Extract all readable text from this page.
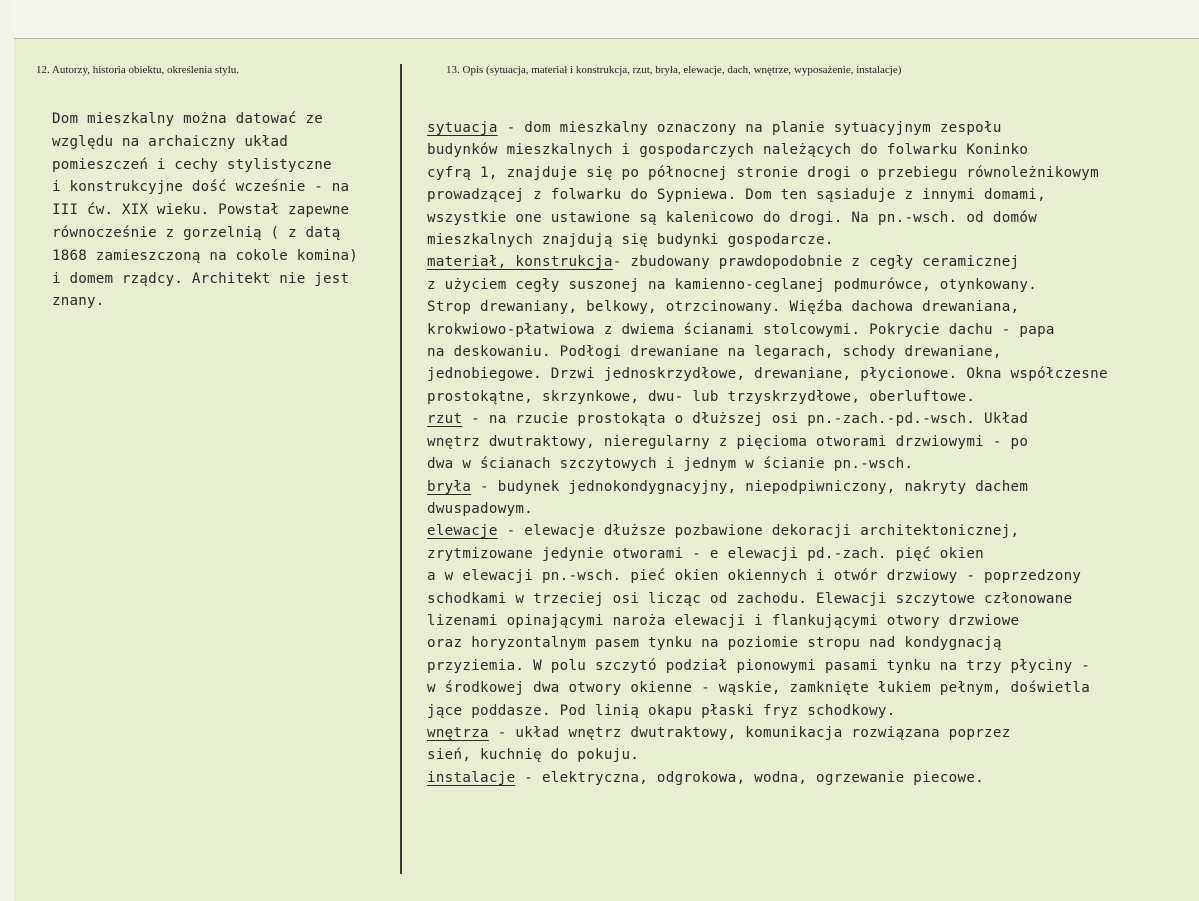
12. Autorzy, historia obiektu, określenia stylu.	13. Opis (sytuacja, materiał i konstrukcja, rzut, bryła, elewacje, dach, wnętrze, wyposażenie, instalacje)
Dom mieszkalny można datować ze
względu na archaiczny układ
pomieszczeń i cechy stylistyczne
i konstrukcyjne dość wcześnie - na
III ćw. XIX wieku. Powstał zapewne
równocześnie z gorzelnią ( z datą
1868 zamieszczoną na cokole komina)
i domem rządcy. Architekt nie jest
znany.
sytuacja - dom mieszkalny oznaczony na planie sytuacyjnym zespołu
budynków mieszkalnych i gospodarczych należących do folwarku Koninko
cyfrą 1, znajduje się po północnej stronie drogi o przebiegu równoleżnikowym
prowadzącej z folwarku do Sypniewa. Dom ten sąsiaduje z innymi domami,
wszystkie one ustawione są kalenicowo do drogi. Na pn.-wsch. od domów
mieszkalnych znajdują się budynki gospodarcze.
materiał, konstrukcja- zbudowany prawdopodobnie z cegły ceramicznej
z użyciem cegły suszonej na kamienno-ceglanej podmurówce, otynkowany.
Strop drewaniany, belkowy, otrzcinowany. Więźba dachowa drewaniana,
krokwiowo-płatwiowa z dwiema ścianami stolcowymi. Pokrycie dachu - papa
na deskowaniu. Podłogi drewaniane na legarach, schody drewaniane,
jednobiegowe. Drzwi jednoskrzydłowe, drewaniane, płycionowe. Okna współczesne
prostokątne, skrzynkowe, dwu- lub trzyskrzydłowe, oberluftowe.
rzut - na rzucie prostokąta o dłuższej osi pn.-zach.-pd.-wsch. Układ
wnętrz dwutraktowy, nieregularny z pięcioma otworami drzwiowymi - po
dwa w ścianach szczytowych i jednym w ścianie pn.-wsch.
bryła - budynek jednokondygnacyjny, niepodpiwniczony, nakryty dachem
dwuspadowym.
elewacje - elewacje dłuższe pozbawione dekoracji architektonicznej,
zrytmizowane jedynie otworami - e elewacji pd.-zach. pięć okien
a w elewacji pn.-wsch. pieć okien okiennych i otwór drzwiowy - poprzedzony
schodkami w trzeciej osi licząc od zachodu. Elewacji szczytowe członowane
lizenami opinającymi naroża elewacji i flankującymi otwory drzwiowe
oraz horyzontalnym pasem tynku na poziomie stropu nad kondygnacją
przyziemia. W polu szczytó podział pionowymi pasami tynku na trzy płyciny -
w środkowej dwa otwory okienne - wąskie, zamknięte łukiem pełnym, doświetla
jące poddasze. Pod linią okapu płaski fryz schodkowy.
wnętrza - układ wnętrz dwutraktowy, komunikacja rozwiązana poprzez
sień, kuchnię do pokuju.
instalacje - elektryczna, odgrokowa, wodna, ogrzewanie piecowe.
